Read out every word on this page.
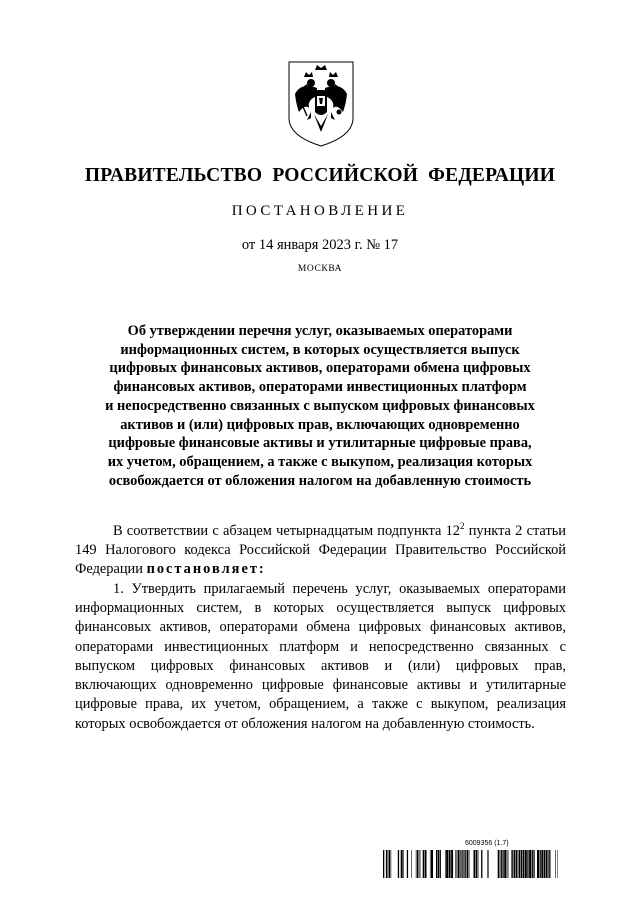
ПРАВИТЕЛЬСТВО РОССИЙСКОЙ ФЕДЕРАЦИИ
ПОСТАНОВЛЕНИЕ
от 14 января 2023 г. № 17
МОСКВА
Об утверждении перечня услуг, оказываемых операторами
информационных систем, в которых осуществляется выпуск
цифровых финансовых активов, операторами обмена цифровых
финансовых активов, операторами инвестиционных платформ
и непосредственно связанных с выпуском цифровых финансовых
активов и (или) цифровых прав, включающих одновременно
цифровые финансовые активы и утилитарные цифровые права,
их учетом, обращением, а также с выкупом, реализация которых
освобождается от обложения налогом на добавленную стоимость

В соответствии с абзацем четырнадцатым подпункта $12^2$ пункта 2 статьи 149 Налогового кодекса Российской Федерации Правительство Российской Федерации постановляет:

1. Утвердить прилагаемый перечень услуг, оказываемых операторами информационных систем, в которых осуществляется выпуск цифровых финансовых активов, операторами обмена цифровых финансовых активов, операторами инвестиционных платформ и непосредственно связанных с выпуском цифровых финансовых активов и (или) цифровых прав, включающих одновременно цифровые финансовые активы и утилитарные цифровые права, их учетом, обращением, а также с выкупом, реализация которых освобождается от обложения налогом на добавленную стоимость.

6009356 (1.7)
